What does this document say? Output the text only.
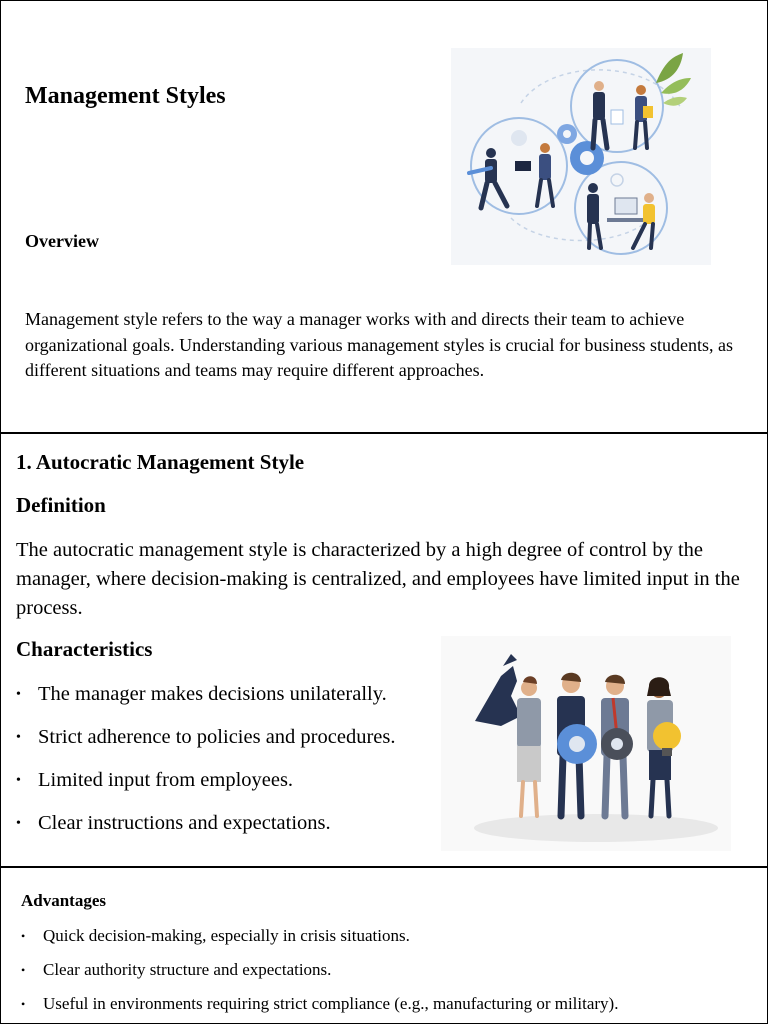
Management Styles
Overview

Management style refers to the way a manager works with and directs their team to achieve organizational goals. Understanding various management styles is crucial for business students, as different situations and teams may require different approaches.

1. Autocratic Management Style
Definition

The autocratic management style is characterized by a high degree of control by the manager, where decision-making is centralized, and employees have limited input in the process.

Characteristics
• The manager makes decisions unilaterally.
• Strict adherence to policies and procedures.
• Limited input from employees.
• Clear instructions and expectations.
Advantages
• Quick decision-making, especially in crisis situations.
• Clear authority structure and expectations.
• Useful in environments requiring strict compliance (e.g., manufacturing or military).
